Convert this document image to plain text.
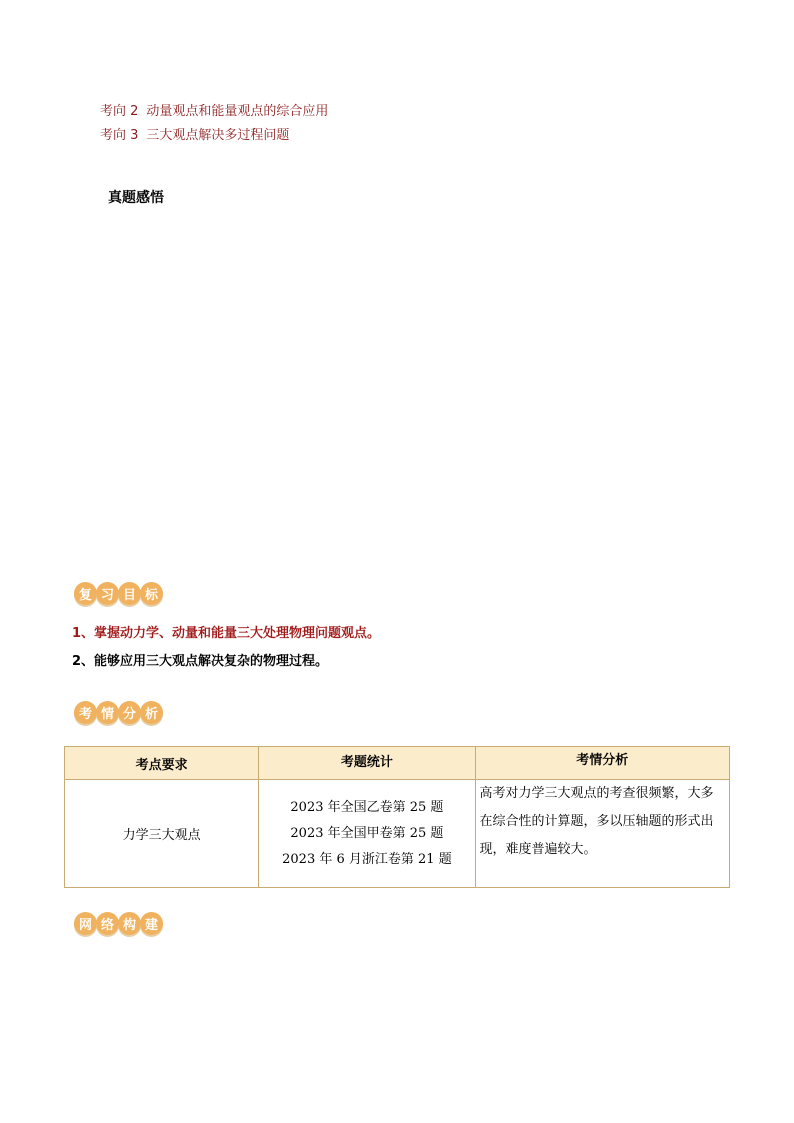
考向 2 动量观点和能量观点的综合应用
考向 3 三大观点解决多过程问题
真题感悟
复 习 目 标
1、掌握动力学、动量和能量三大处理物理问题观点。
2、能够应用三大观点解决复杂的物理过程。
考 情 分 析
考点要求	考题统计	考情分析
力学三大观点	2023 年全国乙卷第 25 题
2023 年全国甲卷第 25 题
2023 年 6 月浙江卷第 21 题	高考对力学三大观点的考查很频繁，大多在综合性的计算题，多以压轴题的形式出现，难度普遍较大。

网 络 构 建
